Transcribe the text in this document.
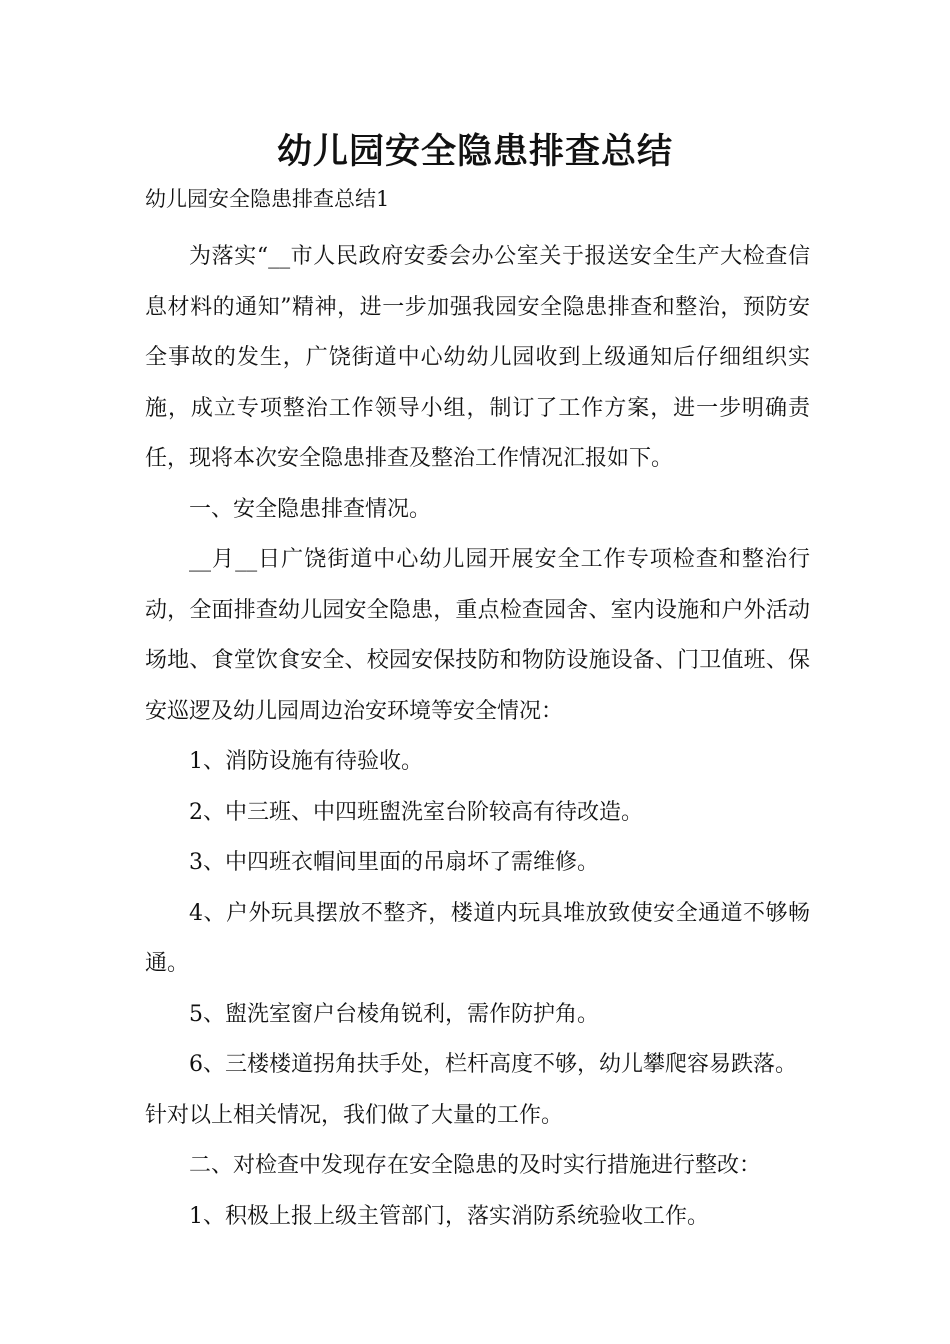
幼儿园安全隐患排查总结

幼儿园安全隐患排查总结1

为落实“__市人民政府安委会办公室关于报送安全生产大检查信息材料的通知”精神，进一步加强我园安全隐患排查和整治，预防安全事故的发生，广饶街道中心幼幼儿园收到上级通知后仔细组织实施，成立专项整治工作领导小组，制订了工作方案，进一步明确责任，现将本次安全隐患排查及整治工作情况汇报如下。

一、安全隐患排查情况。

__月__日广饶街道中心幼儿园开展安全工作专项检查和整治行动，全面排查幼儿园安全隐患，重点检查园舍、室内设施和户外活动场地、食堂饮食安全、校园安保技防和物防设施设备、门卫值班、保安巡逻及幼儿园周边治安环境等安全情况：

1、消防设施有待验收。

2、中三班、中四班盥洗室台阶较高有待改造。

3、中四班衣帽间里面的吊扇坏了需维修。

4、户外玩具摆放不整齐，楼道内玩具堆放致使安全通道不够畅通。

5、盥洗室窗户台棱角锐利，需作防护角。

6、三楼楼道拐角扶手处，栏杆高度不够，幼儿攀爬容易跌落。

针对以上相关情况，我们做了大量的工作。

二、对检查中发现存在安全隐患的及时实行措施进行整改：

1、积极上报上级主管部门，落实消防系统验收工作。
